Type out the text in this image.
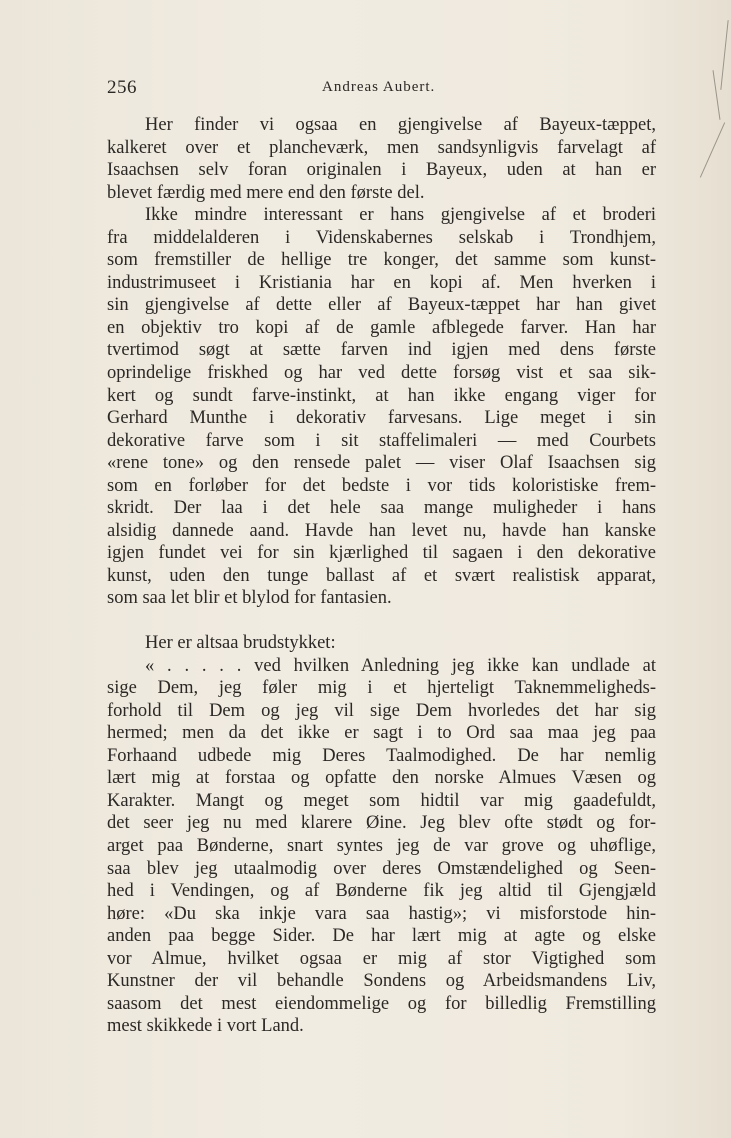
256	Andreas Aubert.
Her finder vi ogsaa en gjengivelse af Bayeux-tæppet,
kalkeret over et plancheværk, men sandsynligvis farvelagt af
Isaachsen selv foran originalen i Bayeux, uden at han er
blevet færdig med mere end den første del.
Ikke mindre interessant er hans gjengivelse af et broderi
fra middelalderen i Videnskabernes selskab i Trondhjem,
som fremstiller de hellige tre konger, det samme som kunst-
industrimuseet i Kristiania har en kopi af. Men hverken i
sin gjengivelse af dette eller af Bayeux-tæppet har han givet
en objektiv tro kopi af de gamle afblegede farver. Han har
tvertimod søgt at sætte farven ind igjen med dens første
oprindelige friskhed og har ved dette forsøg vist et saa sik-
kert og sundt farve-instinkt, at han ikke engang viger for
Gerhard Munthe i dekorativ farvesans. Lige meget i sin
dekorative farve som i sit staffelimaleri — med Courbets
«rene tone» og den rensede palet — viser Olaf Isaachsen sig
som en forløber for det bedste i vor tids koloristiske frem-
skridt. Der laa i det hele saa mange muligheder i hans
alsidig dannede aand. Havde han levet nu, havde han kanske
igjen fundet vei for sin kjærlighed til sagaen i den dekorative
kunst, uden den tunge ballast af et svært realistisk apparat,
som saa let blir et blylod for fantasien.
Her er altsaa brudstykket:
« . . . . . ved hvilken Anledning jeg ikke kan undlade at
sige Dem, jeg føler mig i et hjerteligt Taknemmeligheds-
forhold til Dem og jeg vil sige Dem hvorledes det har sig
hermed; men da det ikke er sagt i to Ord saa maa jeg paa
Forhaand udbede mig Deres Taalmodighed. De har nemlig
lært mig at forstaa og opfatte den norske Almues Væsen og
Karakter. Mangt og meget som hidtil var mig gaadefuldt,
det seer jeg nu med klarere Øine. Jeg blev ofte stødt og for-
arget paa Bønderne, snart syntes jeg de var grove og uhøflige,
saa blev jeg utaalmodig over deres Omstændelighed og Seen-
hed i Vendingen, og af Bønderne fik jeg altid til Gjengjæld
høre: «Du ska inkje vara saa hastig»; vi misforstode hin-
anden paa begge Sider. De har lært mig at agte og elske
vor Almue, hvilket ogsaa er mig af stor Vigtighed som
Kunstner der vil behandle Sondens og Arbeidsmandens Liv,
saasom det mest eiendommelige og for billedlig Fremstilling
mest skikkede i vort Land.
